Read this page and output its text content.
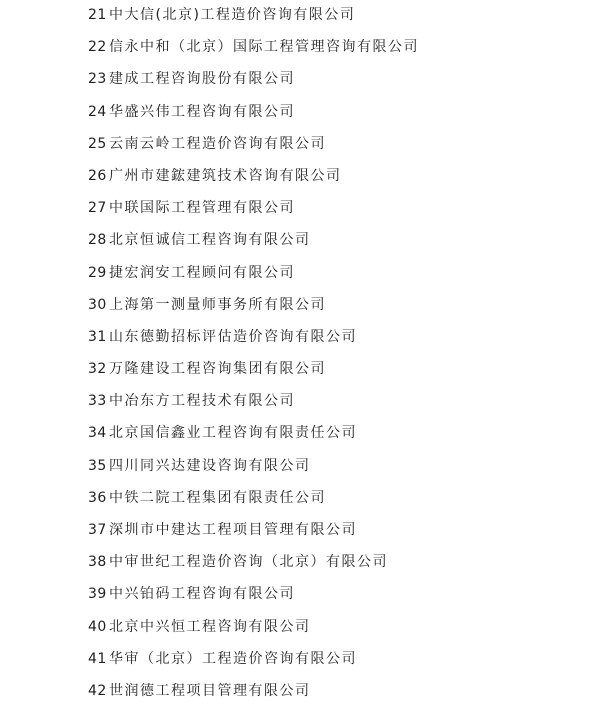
21 中大信(北京)工程造价咨询有限公司
22 信永中和（北京）国际工程管理咨询有限公司
23 建成工程咨询股份有限公司
24 华盛兴伟工程咨询有限公司
25 云南云岭工程造价咨询有限公司
26 广州市建鋐建筑技术咨询有限公司
27 中联国际工程管理有限公司
28 北京恒诚信工程咨询有限公司
29 捷宏润安工程顾问有限公司
30 上海第一测量师事务所有限公司
31 山东德勤招标评估造价咨询有限公司
32 万隆建设工程咨询集团有限公司
33 中冶东方工程技术有限公司
34 北京国信鑫业工程咨询有限责任公司
35 四川同兴达建设咨询有限公司
36 中铁二院工程集团有限责任公司
37 深圳市中建达工程项目管理有限公司
38 中审世纪工程造价咨询（北京）有限公司
39 中兴铂码工程咨询有限公司
40 北京中兴恒工程咨询有限公司
41 华审（北京）工程造价咨询有限公司
42 世润德工程项目管理有限公司
